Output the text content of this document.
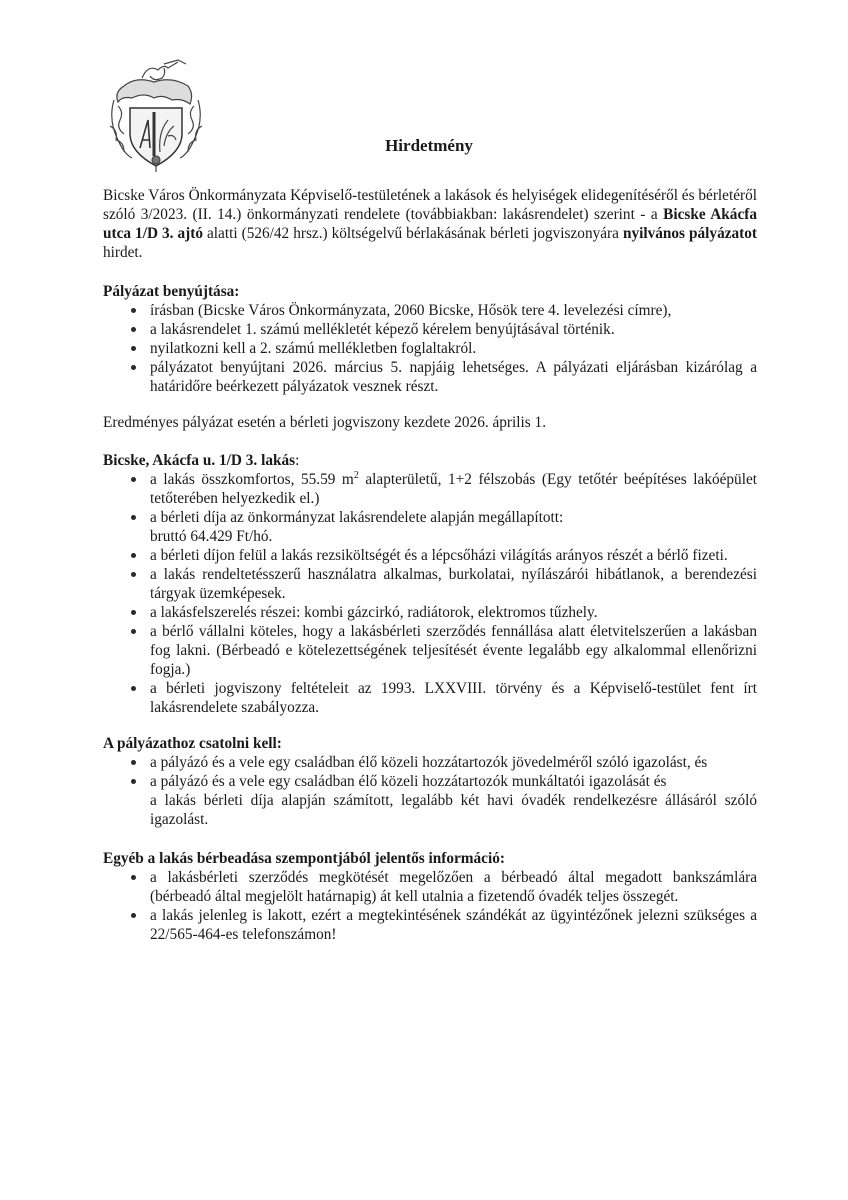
Hirdetmény

Bicske Város Önkormányzata Képviselő-testületének a lakások és helyiségek elidegenítéséről és bérletéről szóló 3/2023. (II. 14.) önkormányzati rendelete (továbbiakban: lakásrendelet) szerint - a Bicske Akácfa utca 1/D 3. ajtó alatti (526/42 hrsz.) költségelvű bérlakásának bérleti jogviszonyára nyilvános pályázatot hirdet.

Pályázat benyújtása:

írásban (Bicske Város Önkormányzata, 2060 Bicske, Hősök tere 4. levelezési címre),
a lakásrendelet 1. számú mellékletét képező kérelem benyújtásával történik.
nyilatkozni kell a 2. számú mellékletben foglaltakról.
pályázatot benyújtani 2026. március 5. napjáig lehetséges. A pályázati eljárásban kizárólag a határidőre beérkezett pályázatok vesznek részt.

Eredményes pályázat esetén a bérleti jogviszony kezdete 2026. április 1.

Bicske, Akácfa u. 1/D 3. lakás:

a lakás összkomfortos, 55.59 $m^2$ alapterületű, 1+2 félszobás (Egy tetőtér beépítéses lakóépület tetőterében helyezkedik el.)
a bérleti díja az önkormányzat lakásrendelete alapján megállapított:
bruttó 64.429 Ft/hó.
a bérleti díjon felül a lakás rezsiköltségét és a lépcsőházi világítás arányos részét a bérlő fizeti.
a lakás rendeltetésszerű használatra alkalmas, burkolatai, nyílászárói hibátlanok, a berendezési tárgyak üzemképesek.
a lakásfelszerelés részei: kombi gázcirkó, radiátorok, elektromos tűzhely.
a bérlő vállalni köteles, hogy a lakásbérleti szerződés fennállása alatt életvitelszerűen a lakásban fog lakni. (Bérbeadó e kötelezettségének teljesítését évente legalább egy alkalommal ellenőrizni fogja.)
a bérleti jogviszony feltételeit az 1993. LXXVIII. törvény és a Képviselő-testület fent írt lakásrendelete szabályozza.

A pályázathoz csatolni kell:

a pályázó és a vele egy családban élő közeli hozzátartozók jövedelméről szóló igazolást, és
a pályázó és a vele egy családban élő közeli hozzátartozók munkáltatói igazolását és
a lakás bérleti díja alapján számított, legalább két havi óvadék rendelkezésre állásáról szóló igazolást.

Egyéb a lakás bérbeadása szempontjából jelentős információ:

a lakásbérleti szerződés megkötését megelőzően a bérbeadó által megadott bankszámlára (bérbeadó által megjelölt határnapig) át kell utalnia a fizetendő óvadék teljes összegét.
a lakás jelenleg is lakott, ezért a megtekintésének szándékát az ügyintézőnek jelezni szükséges a 22/565-464-es telefonszámon!
